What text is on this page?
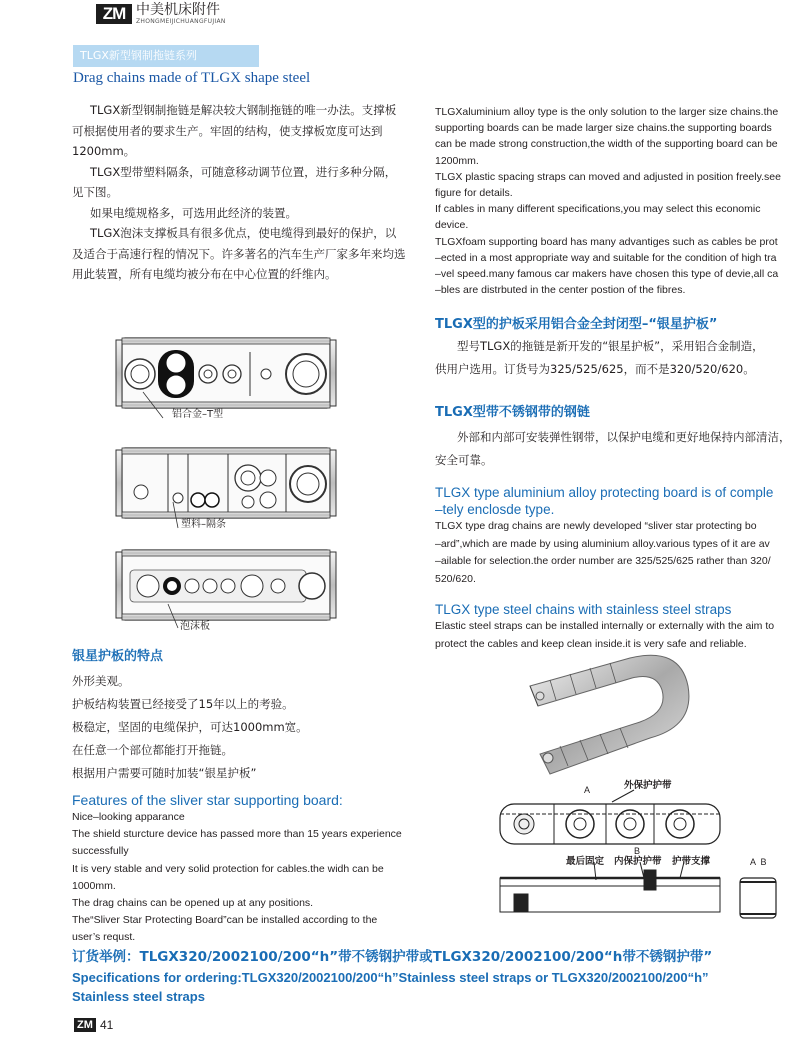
ZM 中美机床附件
ZHONGMEIJICHUANGFUJIAN
TLGX新型钢制拖链系列
Drag chains made of TLGX shape steel
TLGX新型钢制拖链是解决较大钢制拖链的唯一办法。支撑板
可根据使用者的要求生产。牢固的结构，使支撑板宽度可达到
1200mm。
TLGX型带塑料隔条，可随意移动调节位置，进行多种分隔，
见下图。
如果电缆规格多，可选用此经济的装置。
TLGX泡沫支撑板具有很多优点，使电缆得到最好的保护，以
及适合于高速行程的情况下。许多著名的汽车生产厂家多年来均选
用此装置，所有电缆均被分布在中心位置的纤维内。
TLGXaluminium alloy type is the only solution to the larger size chains.the
supporting boards can be made larger size chains.the supporting boards
can be made strong construction,the width of the supporting board can be
1200mm.
TLGX plastic spacing straps can moved and adjusted in position freely.see
figure for details.
If cables in many different specifications,you may select this economic
device.
TLGXfoam supporting board has many advantiges such as cables be prot
–ected in a most appropriate way and suitable for the condition of high tra
–vel speed.many famous car makers have chosen this type of devie,all ca
–bles are distrbuted in the center postion of the fibres.
铝合金–T型
塑料–隔条
泡沫板
银星护板的特点
外形美观。
护板结构装置已经接受了15年以上的考验。
极稳定，坚固的电缆保护，可达1000mm宽。
在任意一个部位都能打开拖链。
根据用户需要可随时加装“银星护板”
Features of the sliver star supporting board:
Nice–looking apparance
The shield sturcture device has passed more than 15 years experience
successfully
It is very stable and very solid protection for cables.the widh can be
1000mm.
The drag chains can be opened up at any positions.
The“Sliver Star Protecting Board”can be installed according to the
user’s requst.
TLGX型的护板采用铝合金全封闭型–“银星护板”
型号TLGX的拖链是新开发的“银星护板”，采用铝合金制造，
供用户选用。订货号为325/525/625，而不是320/520/620。
TLGX型带不锈钢带的钢链
外部和内部可安装弹性钢带，以保护电缆和更好地保持内部清洁，
安全可靠。
TLGX type aluminium alloy protecting board is of comple
–tely enclosde type.
TLGX type drag chains are newly developed “sliver star protecting bo
–ard”,which are made by using aluminium alloy.various types of it are av
–ailable for selection.the order number are 325/525/625 rather than 320/
520/620.
TLGX type steel chains with stainless steel straps
Elastic steel straps can be installed internally or externally with the aim to
protect the cables and keep clean inside.it is very safe and reliable.
A	外保护护带
B
最后固定 内保护护带 护带支撑	A  B
订货举例：TLGX320/2002100/200“h”带不锈钢护带或TLGX320/2002100/200“h带不锈钢护带”
Specifications for ordering:TLGX320/2002100/200“h”Stainless steel straps or TLGX320/2002100/200“h”
Stainless steel straps
ZM 41
